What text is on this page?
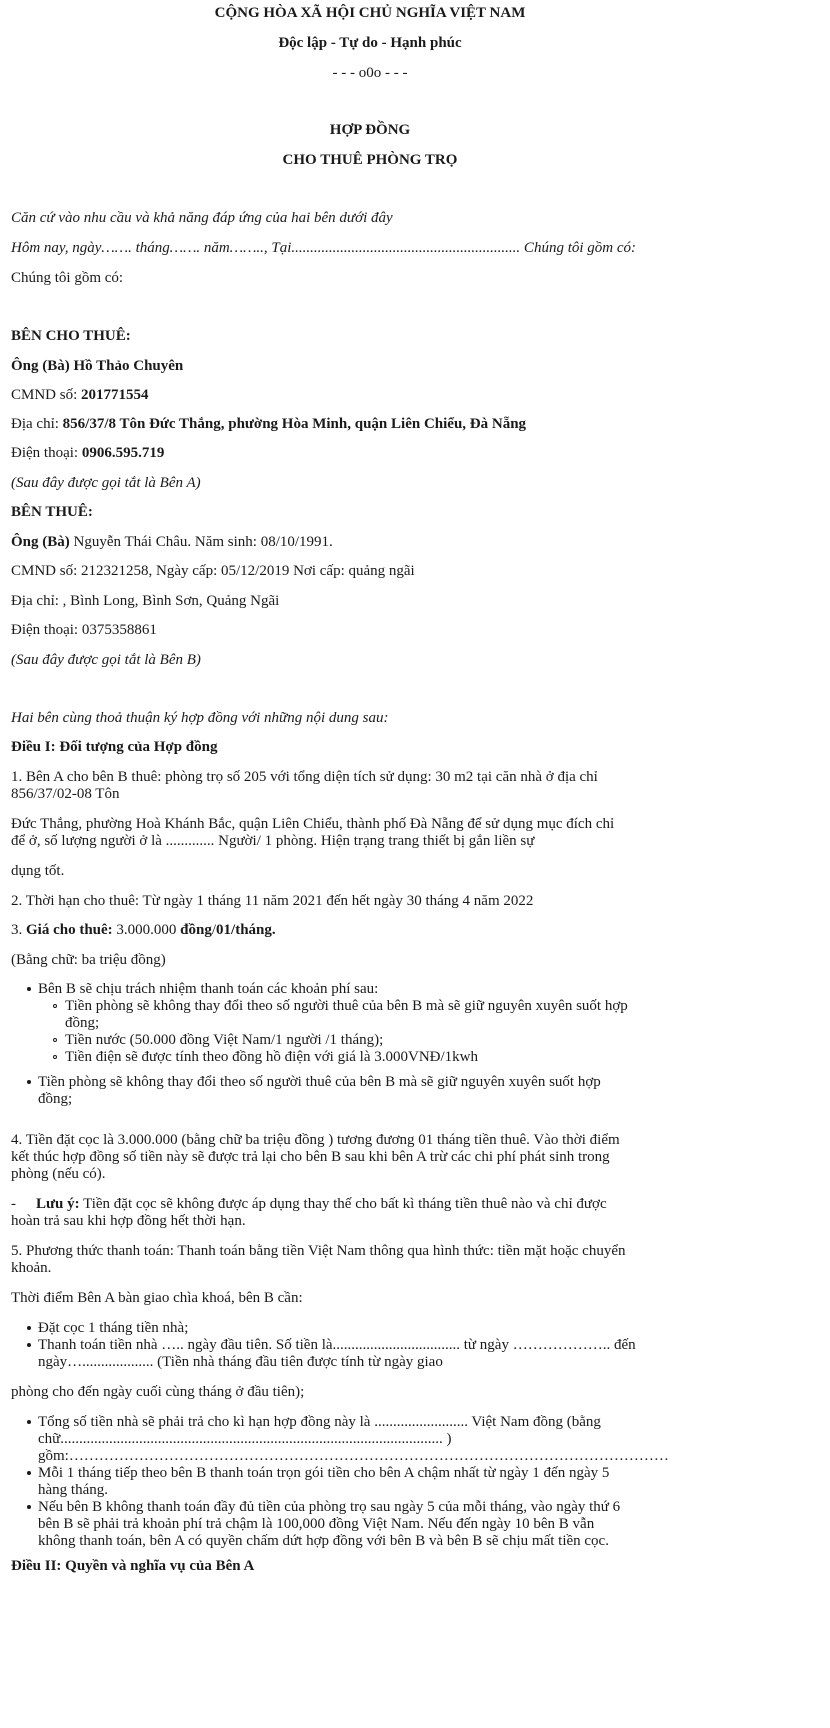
CỘNG HÒA XÃ HỘI CHỦ NGHĨA VIỆT NAM
Độc lập - Tự do - Hạnh phúc
- - - o0o - - -
HỢP ĐỒNG
CHO THUÊ PHÒNG TRỌ
Căn cứ vào nhu cầu và khả năng đáp ứng của hai bên dưới đây
Hôm nay, ngày……. tháng……. năm…….., Tại............................................................. Chúng tôi gồm có:
Chúng tôi gồm có:
BÊN CHO THUÊ:
Ông (Bà) Hồ Thảo Chuyên
CMND số: 201771554
Địa chỉ: 856/37/8 Tôn Đức Thắng, phường Hòa Minh, quận Liên Chiểu, Đà Nẵng
Điện thoại: 0906.595.719
(Sau đây được gọi tắt là Bên A)
BÊN THUÊ:
Ông (Bà) Nguyễn Thái Châu. Năm sinh: 08/10/1991.
CMND số: 212321258, Ngày cấp: 05/12/2019 Nơi cấp: quảng ngãi
Địa chỉ: , Bình Long, Bình Sơn, Quảng Ngãi
Điện thoại: 0375358861
(Sau đây được gọi tắt là Bên B)
Hai bên cùng thoả thuận ký hợp đồng với những nội dung sau:
Điều I: Đối tượng của Hợp đồng
1. Bên A cho bên B thuê: phòng trọ số 205 với tổng diện tích sử dụng: 30 m2 tại căn nhà ở địa chỉ
856/37/02-08 Tôn
Đức Thắng, phường Hoà Khánh Bắc, quận Liên Chiểu, thành phố Đà Nẵng để sử dụng mục đích chỉ
để ở, số lượng người ở là ............. Người/ 1 phòng. Hiện trạng trang thiết bị gắn liền sự
dụng tốt.
2. Thời hạn cho thuê: Từ ngày 1 tháng 11 năm 2021 đến hết ngày 30 tháng 4 năm 2022
3. Giá cho thuê: 3.000.000 đồng/01/tháng.
(Bằng chữ: ba triệu đồng)
Bên B sẽ chịu trách nhiệm thanh toán các khoản phí sau:
Tiền phòng sẽ không thay đổi theo số người thuê của bên B mà sẽ giữ nguyên xuyên suốt hợp
đồng;
Tiền nước (50.000 đồng Việt Nam/1 người /1 tháng);
Tiền điện sẽ được tính theo đồng hồ điện với giá là 3.000VNĐ/1kwh
Tiền phòng sẽ không thay đổi theo số người thuê của bên B mà sẽ giữ nguyên xuyên suốt hợp
đồng;
4. Tiền đặt cọc là 3.000.000 (bằng chữ ba triệu đồng ) tương đương 01 tháng tiền thuê. Vào thời điểm
kết thúc hợp đồng số tiền này sẽ được trả lại cho bên B sau khi bên A trừ các chi phí phát sinh trong
phòng (nếu có).
- Lưu ý: Tiền đặt cọc sẽ không được áp dụng thay thế cho bất kì tháng tiền thuê nào và chỉ được
hoàn trả sau khi hợp đồng hết thời hạn.
5. Phương thức thanh toán: Thanh toán bằng tiền Việt Nam thông qua hình thức: tiền mặt hoặc chuyển
khoản.
Thời điểm Bên A bàn giao chìa khoá, bên B cần:
Đặt cọc 1 tháng tiền nhà;
Thanh toán tiền nhà ….. ngày đầu tiên. Số tiền là.................................. từ ngày ……………….. đến
ngày…................... (Tiền nhà tháng đầu tiên được tính từ ngày giao
phòng cho đến ngày cuối cùng tháng ở đầu tiên);
Tổng số tiền nhà sẽ phải trả cho kì hạn hợp đồng này là ......................... Việt Nam đồng (bằng
chữ...................................................................................................... )
gồm:…………………………………………………………………………………………………………
Mỗi 1 tháng tiếp theo bên B thanh toán trọn gói tiền cho bên A chậm nhất từ ngày 1 đến ngày 5
hàng tháng.
Nếu bên B không thanh toán đầy đủ tiền của phòng trọ sau ngày 5 của mỗi tháng, vào ngày thứ 6
bên B sẽ phải trả khoản phí trả chậm là 100,000 đồng Việt Nam. Nếu đến ngày 10 bên B vẫn
không thanh toán, bên A có quyền chấm dứt hợp đồng với bên B và bên B sẽ chịu mất tiền cọc.
Điều II: Quyền và nghĩa vụ của Bên A
